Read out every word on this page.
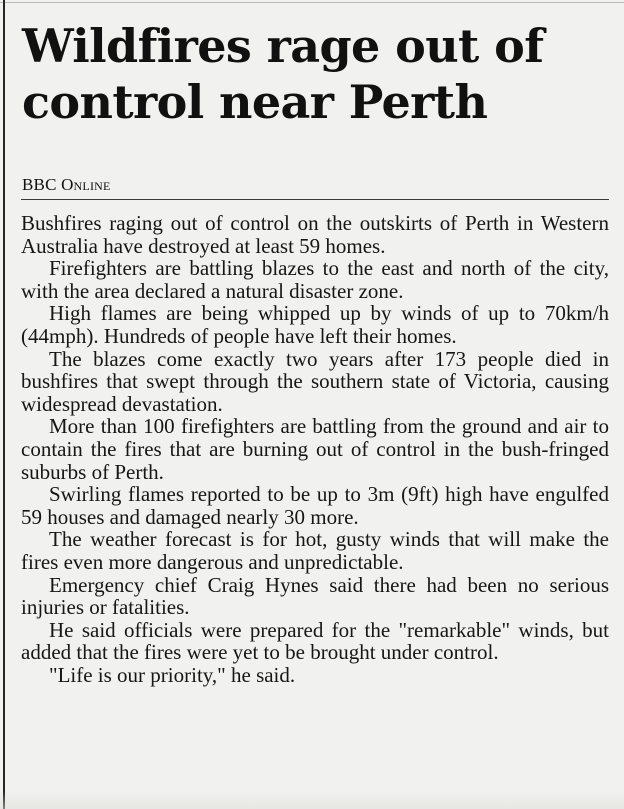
Wildfires rage out of control near Perth

BBC Online

Bushfires raging out of control on the outskirts of Perth in Western Australia have destroyed at least 59 homes.

Firefighters are battling blazes to the east and north of the city, with the area declared a natural disaster zone.

High flames are being whipped up by winds of up to 70km/h (44mph). Hundreds of people have left their homes.

The blazes come exactly two years after 173 people died in bushfires that swept through the southern state of Victoria, causing widespread devastation.

More than 100 firefighters are battling from the ground and air to contain the fires that are burning out of control in the bush-fringed suburbs of Perth.

Swirling flames reported to be up to 3m (9ft) high have engulfed 59 houses and damaged nearly 30 more.

The weather forecast is for hot, gusty winds that will make the fires even more dangerous and unpredictable.

Emergency chief Craig Hynes said there had been no serious injuries or fatalities.

He said officials were prepared for the "remarkable" winds, but added that the fires were yet to be brought under control.

"Life is our priority," he said.
